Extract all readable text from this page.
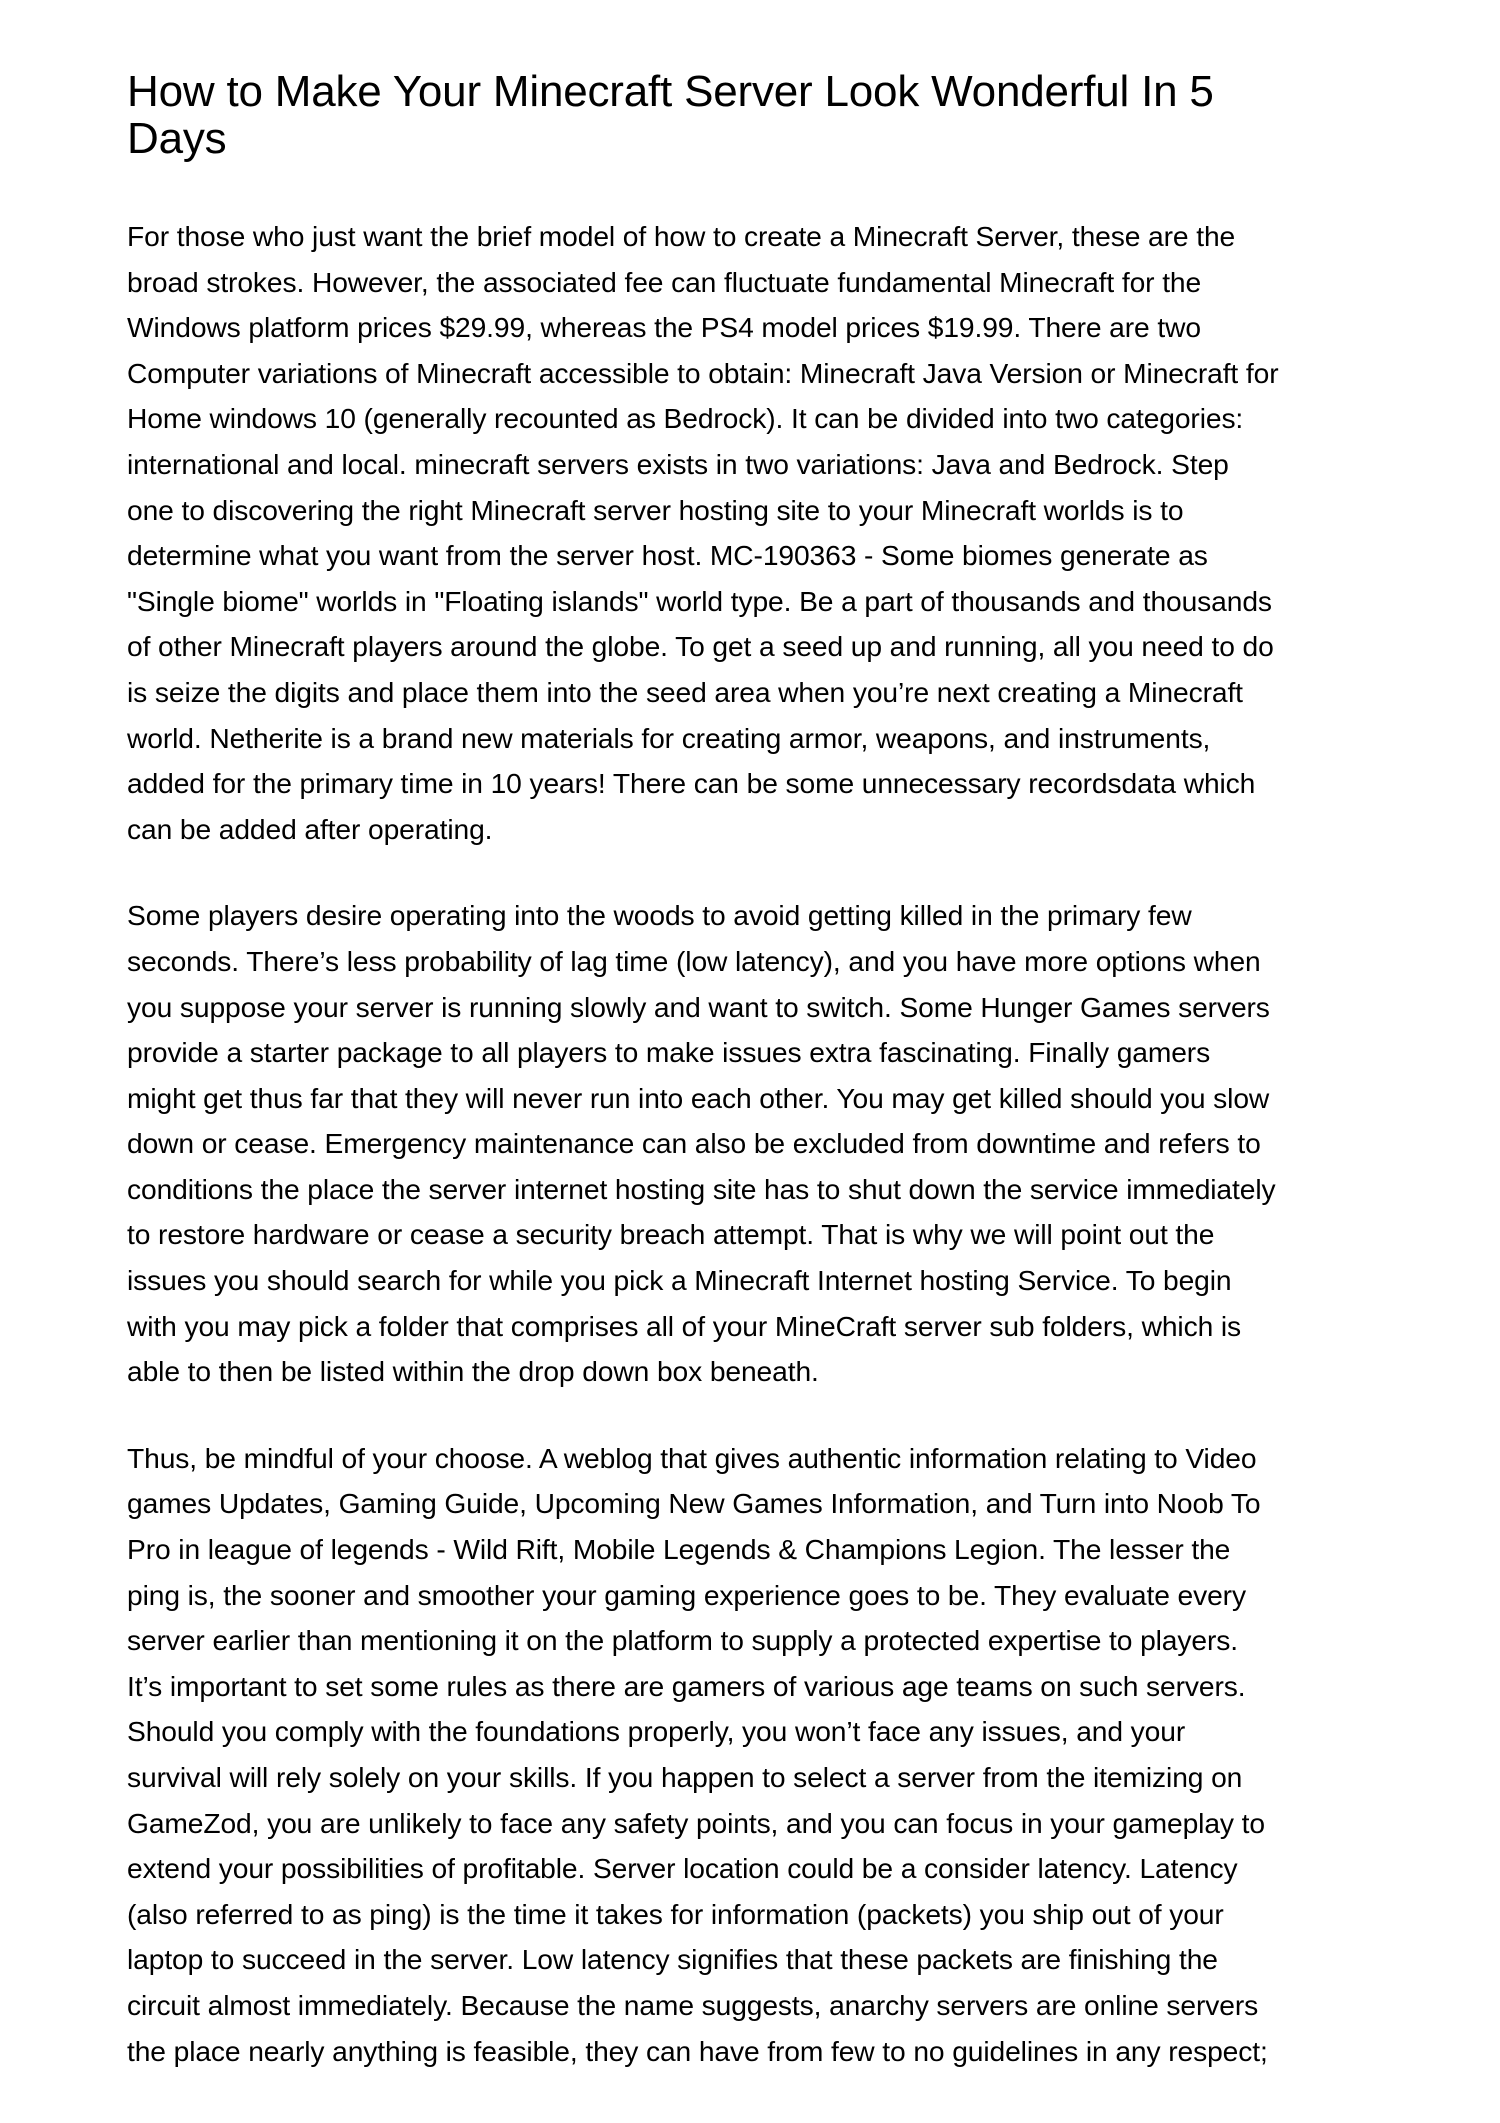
How to Make Your Minecraft Server Look Wonderful In 5
Days

For those who just want the brief model of how to create a Minecraft Server, these are the
broad strokes. However, the associated fee can fluctuate fundamental Minecraft for the
Windows platform prices $29.99, whereas the PS4 model prices $19.99. There are two
Computer variations of Minecraft accessible to obtain: Minecraft Java Version or Minecraft for
Home windows 10 (generally recounted as Bedrock). It can be divided into two categories:
international and local. minecraft servers exists in two variations: Java and Bedrock. Step
one to discovering the right Minecraft server hosting site to your Minecraft worlds is to
determine what you want from the server host. MC-190363 - Some biomes generate as
"Single biome" worlds in "Floating islands" world type. Be a part of thousands and thousands
of other Minecraft players around the globe. To get a seed up and running, all you need to do
is seize the digits and place them into the seed area when you’re next creating a Minecraft
world. Netherite is a brand new materials for creating armor, weapons, and instruments,
added for the primary time in 10 years! There can be some unnecessary recordsdata which
can be added after operating.

Some players desire operating into the woods to avoid getting killed in the primary few
seconds. There’s less probability of lag time (low latency), and you have more options when
you suppose your server is running slowly and want to switch. Some Hunger Games servers
provide a starter package to all players to make issues extra fascinating. Finally gamers
might get thus far that they will never run into each other. You may get killed should you slow
down or cease. Emergency maintenance can also be excluded from downtime and refers to
conditions the place the server internet hosting site has to shut down the service immediately
to restore hardware or cease a security breach attempt. That is why we will point out the
issues you should search for while you pick a Minecraft Internet hosting Service. To begin
with you may pick a folder that comprises all of your MineCraft server sub folders, which is
able to then be listed within the drop down box beneath.

Thus, be mindful of your choose. A weblog that gives authentic information relating to Video
games Updates, Gaming Guide, Upcoming New Games Information, and Turn into Noob To
Pro in league of legends - Wild Rift, Mobile Legends & Champions Legion. The lesser the
ping is, the sooner and smoother your gaming experience goes to be. They evaluate every
server earlier than mentioning it on the platform to supply a protected expertise to players.
It’s important to set some rules as there are gamers of various age teams on such servers.
Should you comply with the foundations properly, you won’t face any issues, and your
survival will rely solely on your skills. If you happen to select a server from the itemizing on
GameZod, you are unlikely to face any safety points, and you can focus in your gameplay to
extend your possibilities of profitable. Server location could be a consider latency. Latency
(also referred to as ping) is the time it takes for information (packets) you ship out of your
laptop to succeed in the server. Low latency signifies that these packets are finishing the
circuit almost immediately. Because the name suggests, anarchy servers are online servers
the place nearly anything is feasible, they can have from few to no guidelines in any respect;
